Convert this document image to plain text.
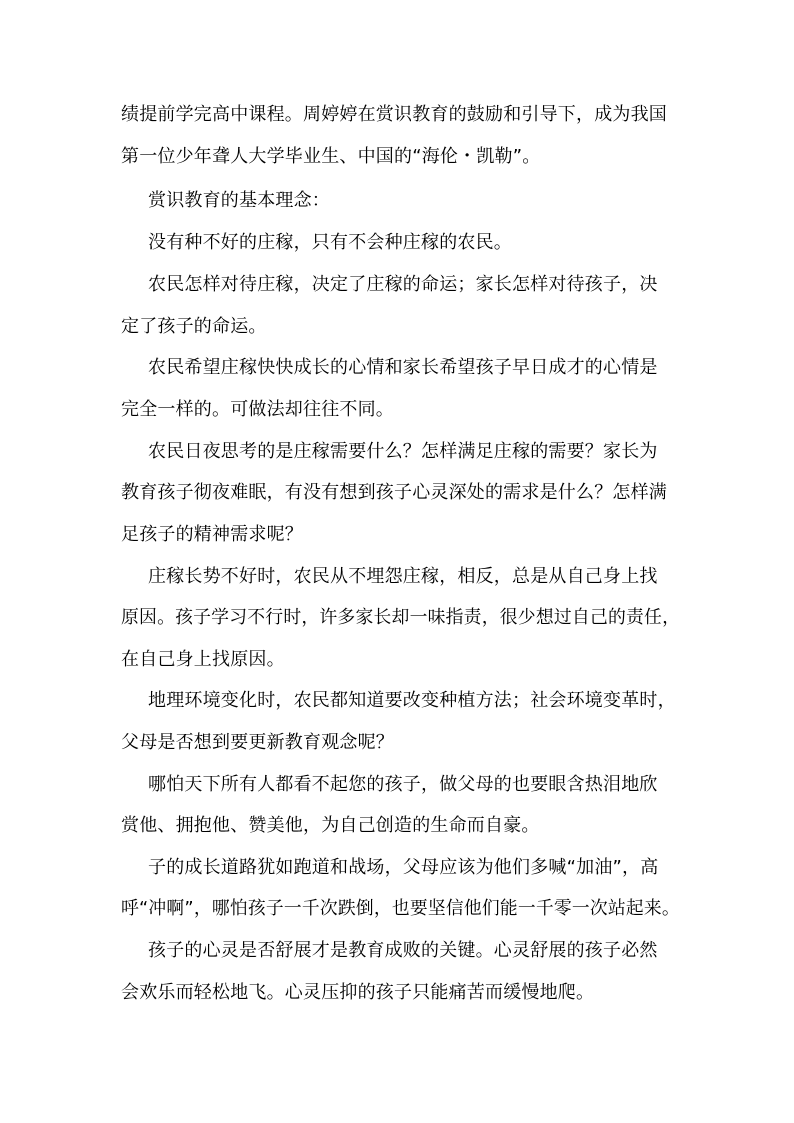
绩提前学完高中课程。周婷婷在赏识教育的鼓励和引导下，成为我国
第一位少年聋人大学毕业生、中国的“海伦・凯勒”。
赏识教育的基本理念：
没有种不好的庄稼，只有不会种庄稼的农民。
农民怎样对待庄稼，决定了庄稼的命运；家长怎样对待孩子，决
定了孩子的命运。
农民希望庄稼快快成长的心情和家长希望孩子早日成才的心情是
完全一样的。可做法却往往不同。
农民日夜思考的是庄稼需要什么？怎样满足庄稼的需要？家长为
教育孩子彻夜难眠，有没有想到孩子心灵深处的需求是什么？怎样满
足孩子的精神需求呢？
庄稼长势不好时，农民从不埋怨庄稼，相反，总是从自己身上找
原因。孩子学习不行时，许多家长却一味指责，很少想过自己的责任，
在自己身上找原因。
地理环境变化时，农民都知道要改变种植方法；社会环境变革时，
父母是否想到要更新教育观念呢？
哪怕天下所有人都看不起您的孩子，做父母的也要眼含热泪地欣
赏他、拥抱他、赞美他，为自己创造的生命而自豪。
子的成长道路犹如跑道和战场，父母应该为他们多喊“加油”，高
呼“冲啊”，哪怕孩子一千次跌倒，也要坚信他们能一千零一次站起来。
孩子的心灵是否舒展才是教育成败的关键。心灵舒展的孩子必然
会欢乐而轻松地飞。心灵压抑的孩子只能痛苦而缓慢地爬。
